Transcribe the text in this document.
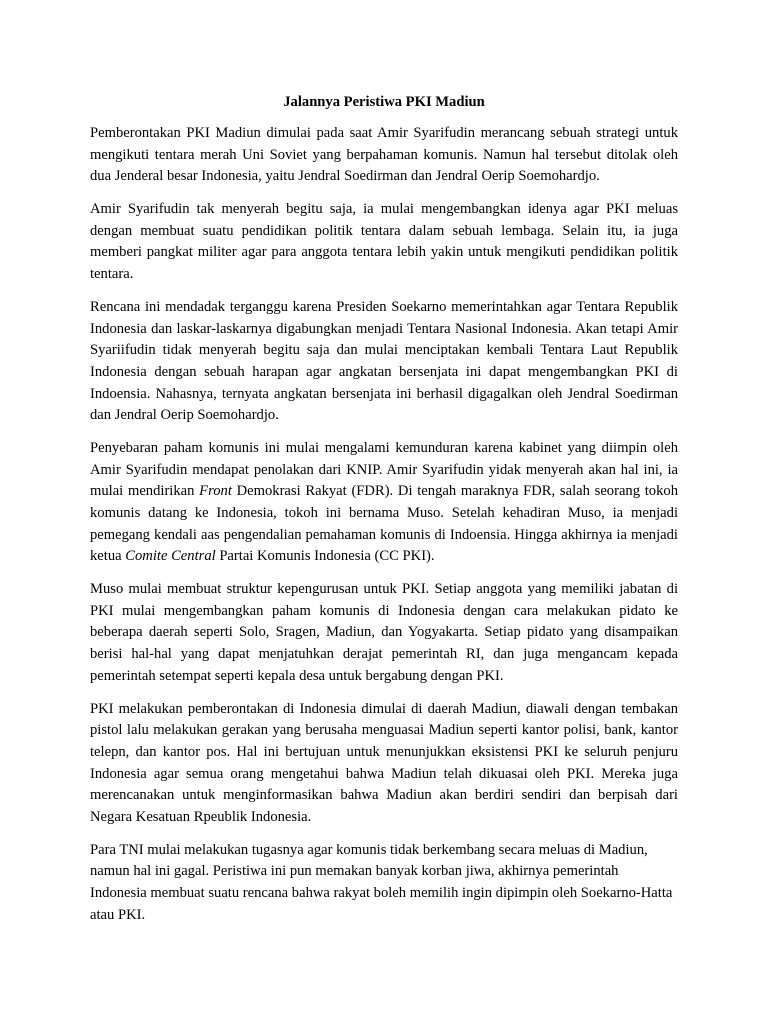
Jalannya Peristiwa PKI Madiun

Pemberontakan PKI Madiun dimulai pada saat Amir Syarifudin merancang sebuah strategi untuk mengikuti tentara merah Uni Soviet yang berpahaman komunis. Namun hal tersebut ditolak oleh dua Jenderal besar Indonesia, yaitu Jendral Soedirman dan Jendral Oerip Soemohardjo.

Amir Syarifudin tak menyerah begitu saja, ia mulai mengembangkan idenya agar PKI meluas dengan membuat suatu pendidikan politik tentara dalam sebuah lembaga. Selain itu, ia juga memberi pangkat militer agar para anggota tentara lebih yakin untuk mengikuti pendidikan politik tentara.

Rencana ini mendadak terganggu karena Presiden Soekarno memerintahkan agar Tentara Republik Indonesia dan laskar-laskarnya digabungkan menjadi Tentara Nasional Indonesia. Akan tetapi Amir Syariifudin tidak menyerah begitu saja dan mulai menciptakan kembali Tentara Laut Republik Indonesia dengan sebuah harapan agar angkatan bersenjata ini dapat mengembangkan PKI di Indoensia. Nahasnya, ternyata angkatan bersenjata ini berhasil digagalkan oleh Jendral Soedirman dan Jendral Oerip Soemohardjo.

Penyebaran paham komunis ini mulai mengalami kemunduran karena kabinet yang diimpin oleh Amir Syarifudin mendapat penolakan dari KNIP. Amir Syarifudin yidak menyerah akan hal ini, ia mulai mendirikan Front Demokrasi Rakyat (FDR). Di tengah maraknya FDR, salah seorang tokoh komunis datang ke Indonesia, tokoh ini bernama Muso. Setelah kehadiran Muso, ia menjadi pemegang kendali aas pengendalian pemahaman komunis di Indoensia. Hingga akhirnya ia menjadi ketua Comite Central Partai Komunis Indonesia (CC PKI).

Muso mulai membuat struktur kepengurusan untuk PKI. Setiap anggota yang memiliki jabatan di PKI mulai mengembangkan paham komunis di Indonesia dengan cara melakukan pidato ke beberapa daerah seperti Solo, Sragen, Madiun, dan Yogyakarta. Setiap pidato yang disampaikan berisi hal-hal yang dapat menjatuhkan derajat pemerintah RI, dan juga mengancam kepada pemerintah setempat seperti kepala desa untuk bergabung dengan PKI.

PKI melakukan pemberontakan di Indonesia dimulai di daerah Madiun, diawali dengan tembakan pistol lalu melakukan gerakan yang berusaha menguasai Madiun seperti kantor polisi, bank, kantor telepn, dan kantor pos. Hal ini bertujuan untuk menunjukkan eksistensi PKI ke seluruh penjuru Indonesia agar semua orang mengetahui bahwa Madiun telah dikuasai oleh PKI. Mereka juga merencanakan untuk menginformasikan bahwa Madiun akan berdiri sendiri dan berpisah dari Negara Kesatuan Rpeublik Indonesia.

Para TNI mulai melakukan tugasnya agar komunis tidak berkembang secara meluas di Madiun, namun hal ini gagal. Peristiwa ini pun memakan banyak korban jiwa, akhirnya pemerintah Indonesia membuat suatu rencana bahwa rakyat boleh memilih ingin dipimpin oleh Soekarno-Hatta atau PKI.
